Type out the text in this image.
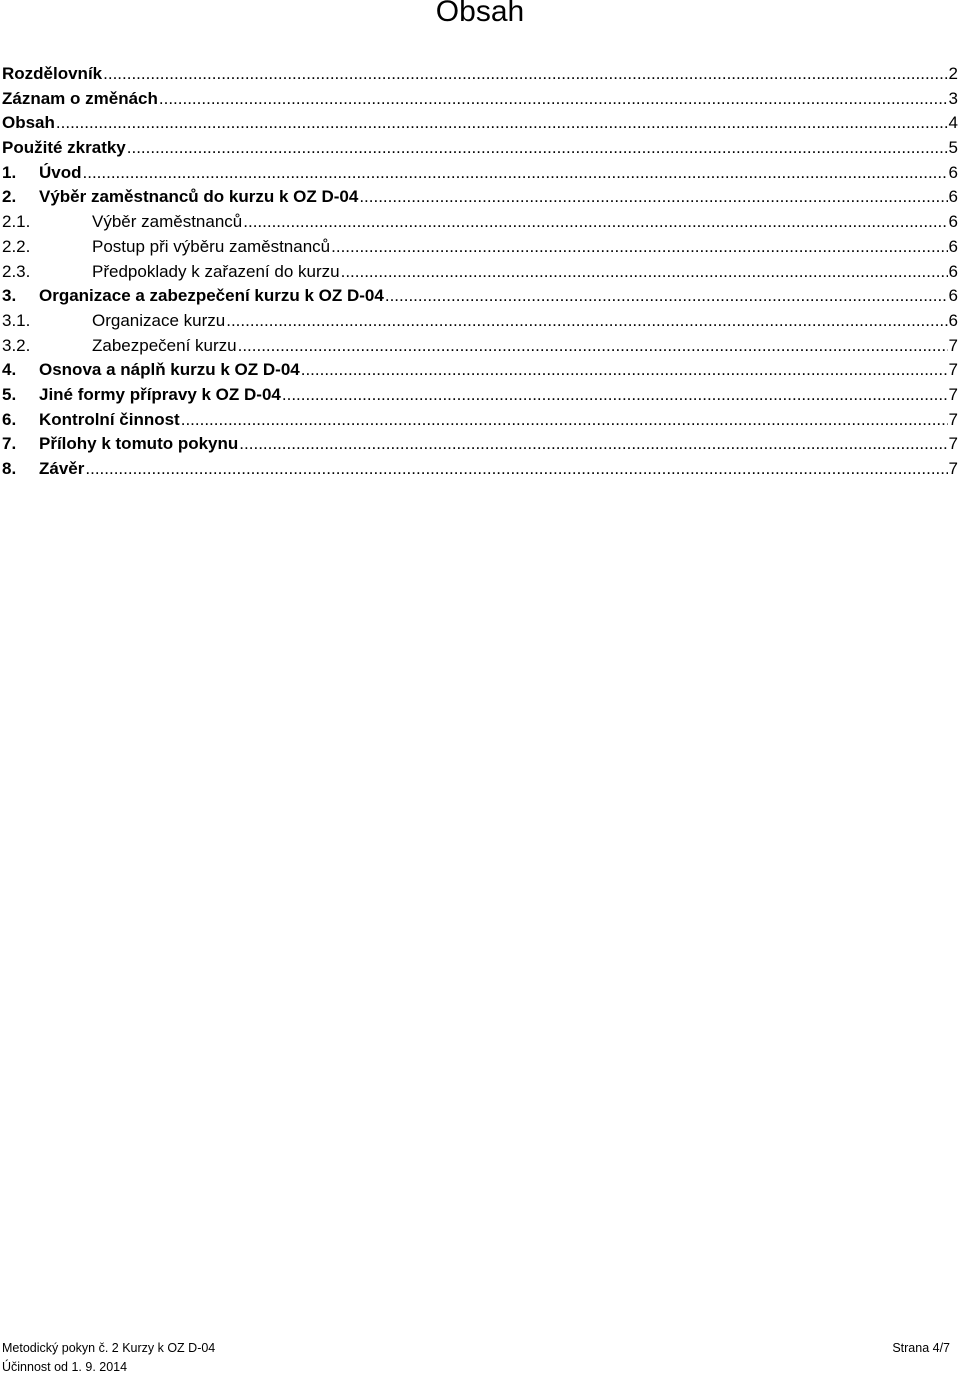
Obsah
Rozdělovník .....	2
Záznam o změnách .....	3
Obsah .....	4
Použité zkratky .....	5
1. Úvod .....	6
2. Výběr zaměstnanců do kurzu k OZ D-04 .....	6
2.1.	Výběr zaměstnanců .....	6
2.2.	Postup při výběru zaměstnanců .....	6
2.3.	Předpoklady k zařazení do kurzu .....	6
3. Organizace a zabezpečení kurzu k OZ D-04 .....	6
3.1.	Organizace kurzu .....	6
3.2.	Zabezpečení kurzu .....	7
4. Osnova a náplň kurzu k OZ D-04 .....	7
5. Jiné formy přípravy k OZ D-04 .....	7
6. Kontrolní činnost .....	7
7. Přílohy k tomuto pokynu .....	7
8. Závěr .....	7
Metodický pokyn č. 2 Kurzy k OZ D-04
Účinnost od 1. 9. 2014
Strana 4/7
